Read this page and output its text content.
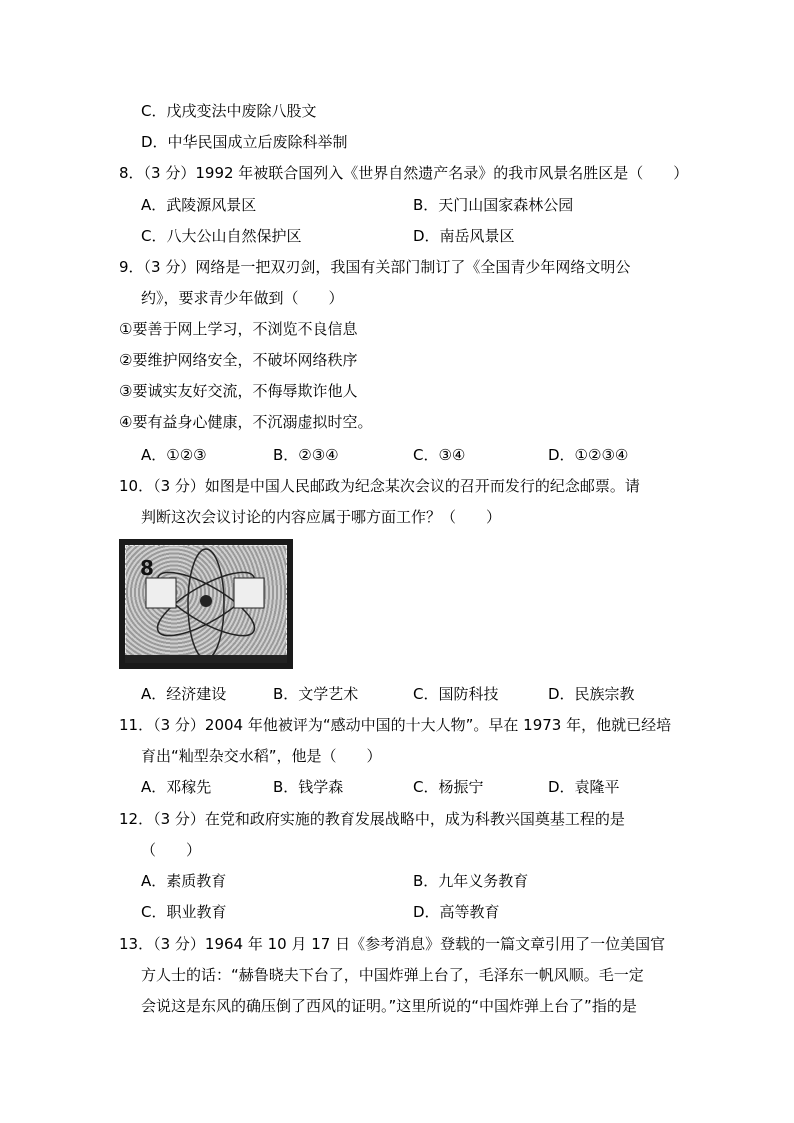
C．戊戌变法中废除八股文
D．中华民国成立后废除科举制
8．（3 分）1992 年被联合国列入《世界自然遗产名录》的我市风景名胜区是（　　）
A．武陵源风景区	B．天门山国家森林公园
C．八大公山自然保护区	D．南岳风景区
9．（3 分）网络是一把双刃剑，我国有关部门制订了《全国青少年网络文明公
约》，要求青少年做到（　　）
①要善于网上学习，不浏览不良信息
②要维护网络安全，不破坏网络秩序
③要诚实友好交流，不侮辱欺诈他人
④要有益身心健康，不沉溺虚拟时空。
A．①②③	B．②③④	C．③④	D．①②③④
10．（3 分）如图是中国人民邮政为纪念某次会议的召开而发行的纪念邮票。请
判断这次会议讨论的内容应属于哪方面工作？（　　）
8
A．经济建设	B．文学艺术	C．国防科技	D．民族宗教
11．（3 分）2004 年他被评为“感动中国的十大人物”。早在 1973 年，他就已经培
育出“籼型杂交水稻”，他是（　　）
A．邓稼先	B．钱学森	C．杨振宁	D．袁隆平
12．（3 分）在党和政府实施的教育发展战略中，成为科教兴国奠基工程的是
（　　）
A．素质教育	B．九年义务教育
C．职业教育	D．高等教育
13．（3 分）1964 年 10 月 17 日《参考消息》登载的一篇文章引用了一位美国官
方人士的话：“赫鲁晓夫下台了，中国炸弹上台了，毛泽东一帆风顺。毛一定
会说这是东风的确压倒了西风的证明。”这里所说的“中国炸弹上台了”指的是
